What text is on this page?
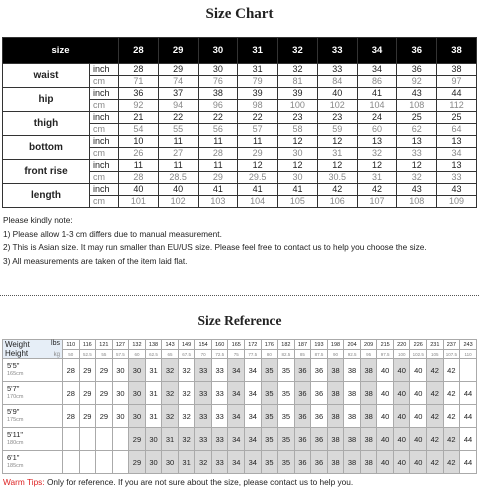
Size Chart
size		28	29	30	31	32	33	34	36	38
waist	inch	28	29	30	31	32	33	34	36	38
	cm	71	74	76	79	81	84	86	92	97
hip	inch	36	37	38	39	39	40	41	43	44
	cm	92	94	96	98	100	102	104	108	112
thigh	inch	21	22	22	22	23	23	24	25	25
	cm	54	55	56	57	58	59	60	62	64
bottom	inch	10	11	11	11	12	12	13	13	13
	cm	26	27	28	29	30	31	32	33	34
front rise	inch	11	11	11	12	12	12	12	12	13
	cm	28	28.5	29	29.5	30	30.5	31	32	33
length	inch	40	40	41	41	41	42	42	43	43
	cm	101	102	103	104	105	106	107	108	109
Please kindly note:
1) Please allow 1-3 cm differs due to manual measurement.
2) This is Asian size. It may run smaller than EU/US size. Please feel free to contact us to help you choose the size.
3) All measurements are taken of the item laid flat.
Size Reference
Weight lbs
kg
Height	110	116	121	127	132	138	143	149	154	160	165	172	176	182	187	193	198	204	209	215	220	226	231	237	243
	50	52.5	55	57.5	60	62.5	65	67.5	70	72.5	75	77.5	80	82.5	85	87.5	90	92.5	95	97.5	100	102.5	105	107.5	110

5'5"
165cm	28	29	29	30	30	31	32	32	33	33	34	34	35	35	36	36	38	38	38	40	40	40	42	42	

5'7"
170cm	28	29	29	30	30	31	32	32	33	33	34	34	35	35	36	36	38	38	38	40	40	40	42	42	44

5'9"
175cm	28	29	29	30	30	31	32	32	33	33	34	34	35	35	36	36	38	38	38	40	40	40	42	42	44

5'11"
180cm					29	30	31	32	33	33	34	34	35	35	36	36	38	38	38	40	40	40	42	42	44

6'1"
185cm					29	30	30	31	32	33	34	34	35	35	36	36	38	38	38	40	40	40	42	42	44
Warm Tips: Only for reference. If you are not sure about the size, please contact us to help you.
